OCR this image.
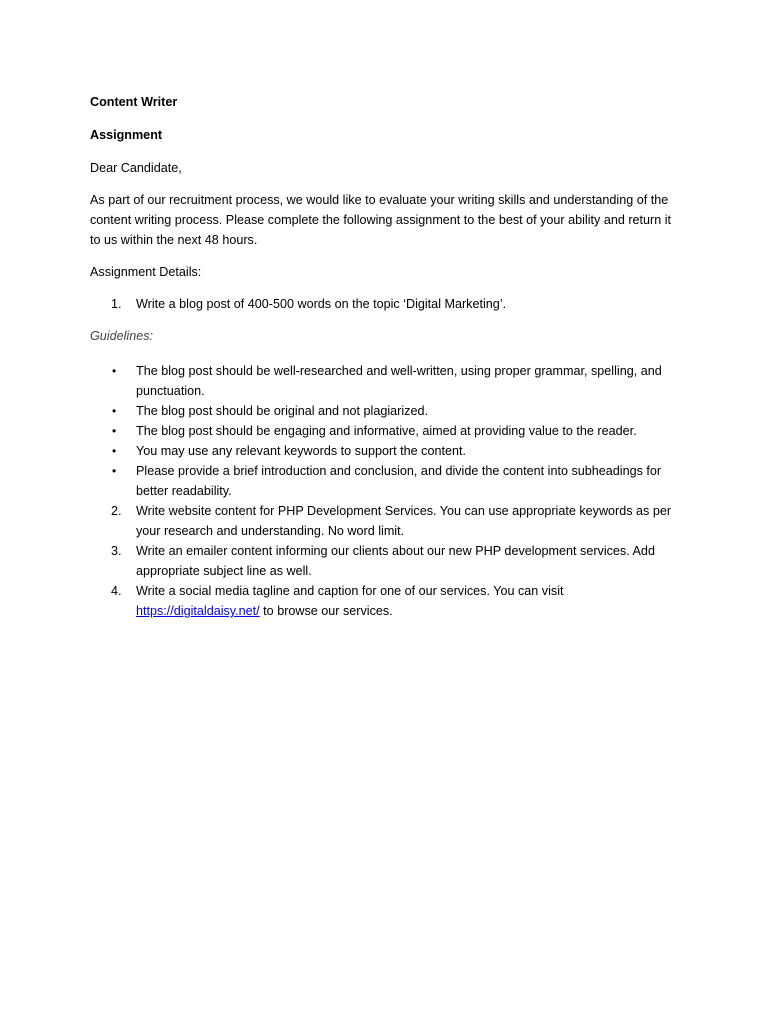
Content Writer
Assignment
Dear Candidate,
As part of our recruitment process, we would like to evaluate your writing skills and understanding of the content writing process. Please complete the following assignment to the best of your ability and return it to us within the next 48 hours.
Assignment Details:
1.	Write a blog post of 400-500 words on the topic ‘Digital Marketing’.
Guidelines:
• The blog post should be well-researched and well-written, using proper grammar, spelling, and punctuation.
• The blog post should be original and not plagiarized.
• The blog post should be engaging and informative, aimed at providing value to the reader.
• You may use any relevant keywords to support the content.
• Please provide a brief introduction and conclusion, and divide the content into subheadings for better readability.
2.	Write website content for PHP Development Services. You can use appropriate keywords as per your research and understanding. No word limit.
3.	Write an emailer content informing our clients about our new PHP development services. Add appropriate subject line as well.
4.	Write a social media tagline and caption for one of our services. You can visit https://digitaldaisy.net/ to browse our services.
